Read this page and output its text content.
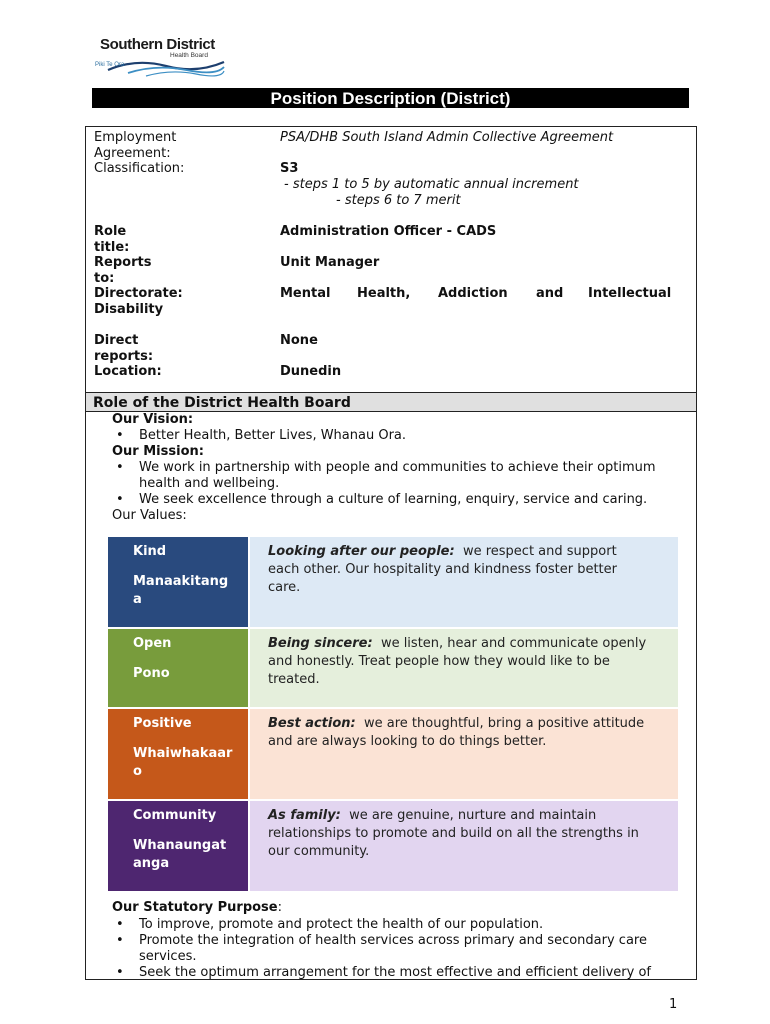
Southern District
Health Board
Piki Te Ora
Position Description (District)
Employment Agreement:
PSA/DHB South Island Admin Collective Agreement
Classification:	S3
- steps 1 to 5 by automatic annual increment
- steps 6 to 7 merit
Role title:
Administration Officer - CADS
Reports to:
Unit Manager
Directorate:
Disability
Mental Health, Addiction and Intellectual
Direct reports:
None
Location:	Dunedin
Role of the District Health Board
Our Vision:
• Better Health, Better Lives, Whanau Ora.
Our Mission:
• We work in partnership with people and communities to achieve their optimum
health and wellbeing.
• We seek excellence through a culture of learning, enquiry, service and caring.
Our Values:
Kind
Manaakitang
a
Looking after our people: we respect and support
each other. Our hospitality and kindness foster better
care.
Open
Pono
Being sincere: we listen, hear and communicate openly
and honestly. Treat people how they would like to be
treated.
Positive
Whaiwhakaar
o
Best action: we are thoughtful, bring a positive attitude
and are always looking to do things better.
Community
Whanaungat
anga
As family: we are genuine, nurture and maintain
relationships to promote and build on all the strengths in
our community.
Our Statutory Purpose:
• To improve, promote and protect the health of our population.
• Promote the integration of health services across primary and secondary care
services.
• Seek the optimum arrangement for the most effective and efficient delivery of
1
